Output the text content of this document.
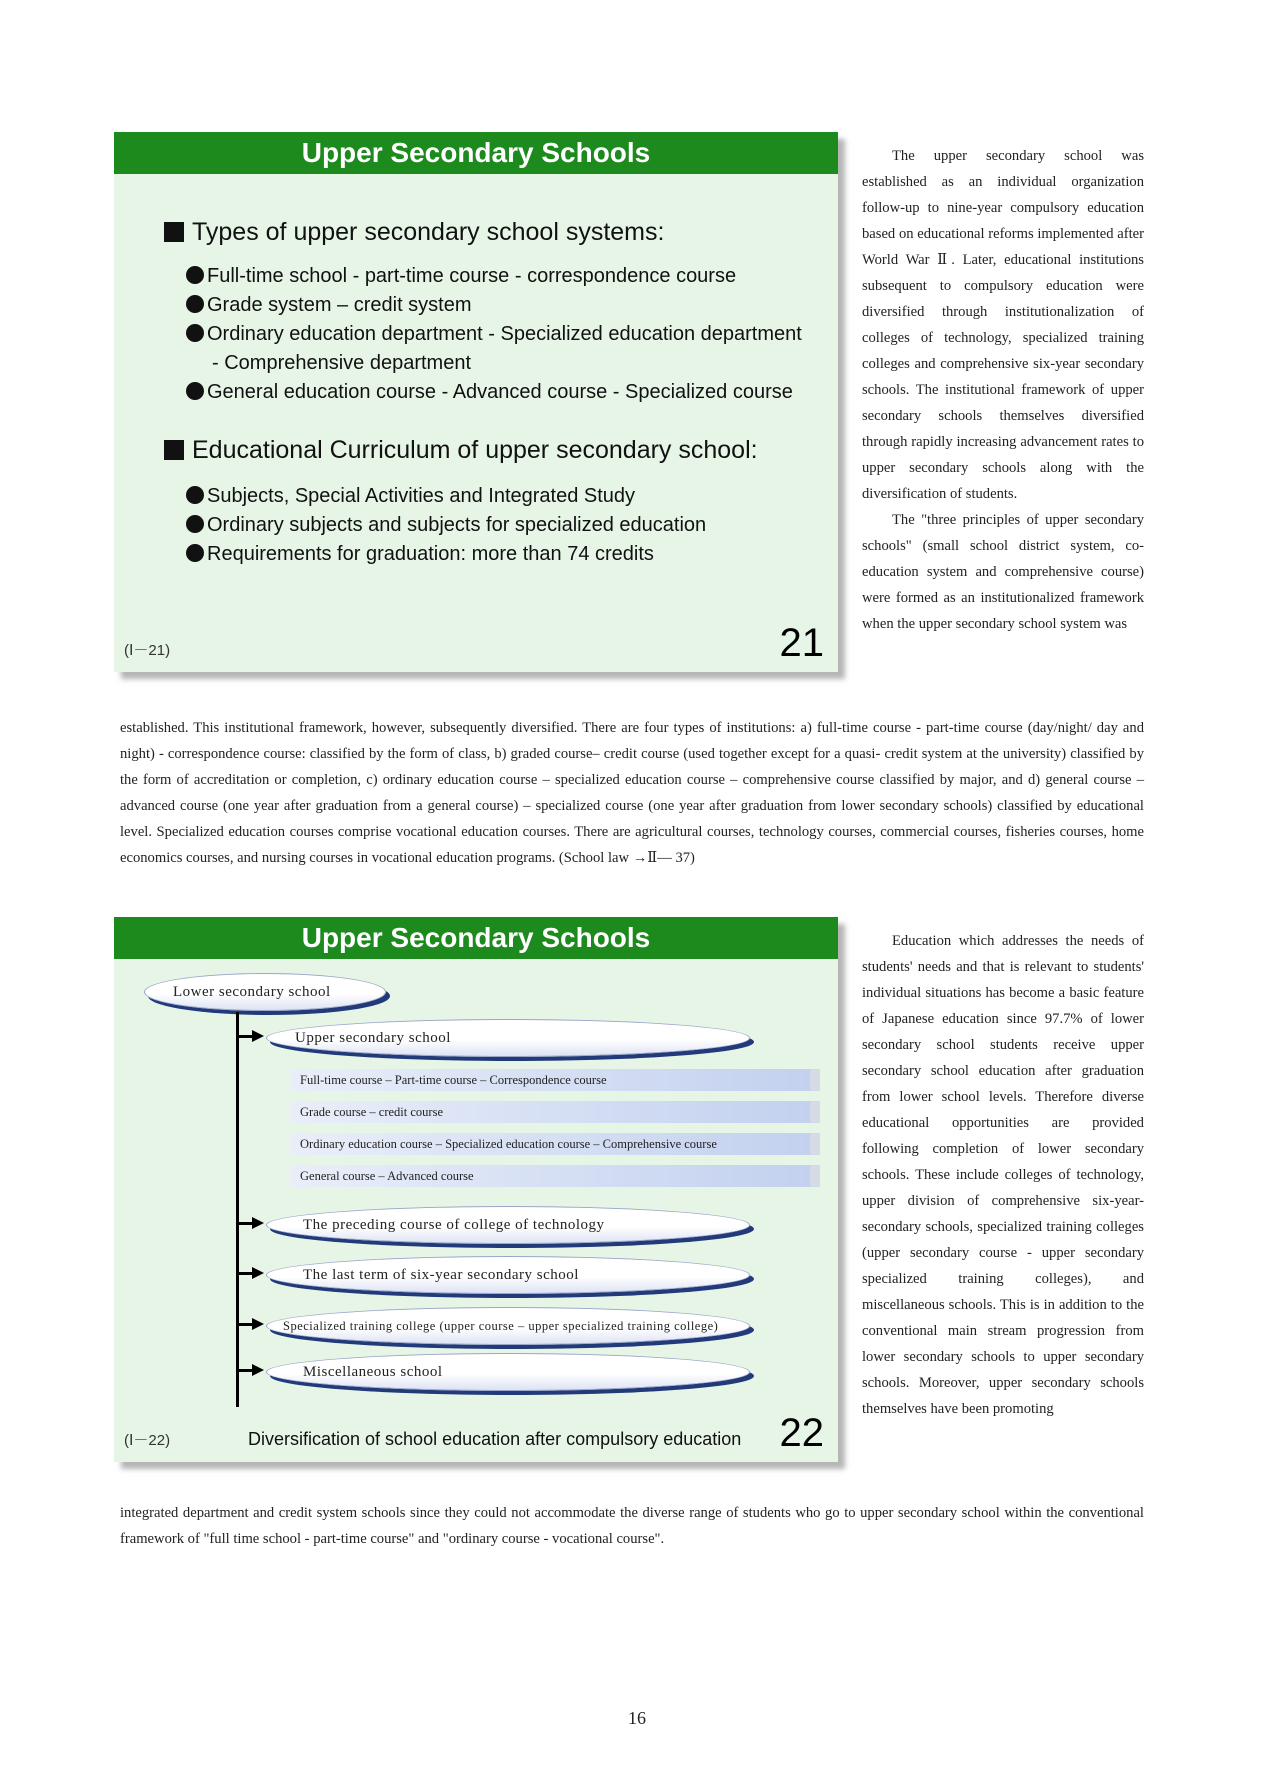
Upper Secondary Schools
Types of upper secondary school systems:
Full-time school - part-time course - correspondence course
Grade system – credit system
Ordinary education department - Specialized education department
- Comprehensive department
General education course - Advanced course - Specialized course
Educational Curriculum of upper secondary school:
Subjects, Special Activities and Integrated Study
Ordinary subjects and subjects for specialized education
Requirements for graduation: more than 74 credits
(Ⅰ－21)	21

The upper secondary school was established as an individual organization follow-up to nine-year compulsory education based on educational reforms implemented after World War Ⅱ. Later, educational institutions subsequent to compulsory education were diversified through institutionalization of colleges of technology, specialized training colleges and comprehensive six-year secondary schools. The institutional framework of upper secondary schools themselves diversified through rapidly increasing advancement rates to upper secondary schools along with the diversification of students.
The "three principles of upper secondary schools" (small school district system, co-education system and comprehensive course) were formed as an institutionalized framework when the upper secondary school system was

established. This institutional framework, however, subsequently diversified. There are four types of institutions: a) full-time course - part-time course (day/night/ day and night) - correspondence course: classified by the form of class, b) graded course– credit course (used together except for a quasi- credit system at the university) classified by the form of accreditation or completion, c) ordinary education course – specialized education course – comprehensive course classified by major, and d) general course – advanced course (one year after graduation from a general course) – specialized course (one year after graduation from lower secondary schools) classified by educational level. Specialized education courses comprise vocational education courses. There are agricultural courses, technology courses, commercial courses, fisheries courses, home economics courses, and nursing courses in vocational education programs. (School law →Ⅱ— 37)

Upper Secondary Schools
Lower secondary school
Upper secondary school
Full-time course – Part-time course – Correspondence course
Grade course – credit course
Ordinary education course – Specialized education course – Comprehensive course
General course – Advanced course
The preceding course of college of technology
The last term of six-year secondary school
Specialized training college (upper course – upper specialized training college)
Miscellaneous school
(Ⅰ－22)	Diversification of school education after compulsory education 22

Education which addresses the needs of students' needs and that is relevant to students' individual situations has become a basic feature of Japanese education since 97.7% of lower secondary school students receive upper secondary school education after graduation from lower school levels. Therefore diverse educational opportunities are provided following completion of lower secondary schools. These include colleges of technology, upper division of comprehensive six-year- secondary schools, specialized training colleges (upper secondary course - upper secondary specialized training colleges), and miscellaneous schools. This is in addition to the conventional main stream progression from lower secondary schools to upper secondary schools. Moreover, upper secondary schools themselves have been promoting

integrated department and credit system schools since they could not accommodate the diverse range of students who go to upper secondary school within the conventional framework of "full time school - part-time course" and "ordinary course - vocational course".

16
